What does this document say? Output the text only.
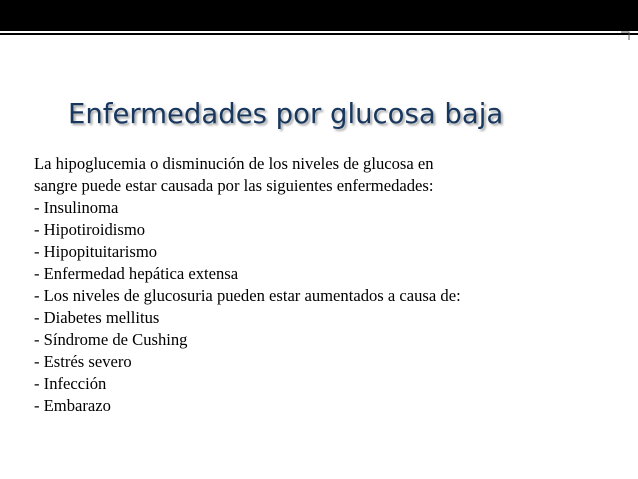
Enfermedades por glucosa baja
La hipoglucemia o disminución de los niveles de glucosa en
sangre puede estar causada por las siguientes enfermedades:
- Insulinoma
- Hipotiroidismo
- Hipopituitarismo
- Enfermedad hepática extensa
- Los niveles de glucosuria pueden estar aumentados a causa de:
- Diabetes mellitus
- Síndrome de Cushing
- Estrés severo
- Infección
- Embarazo
